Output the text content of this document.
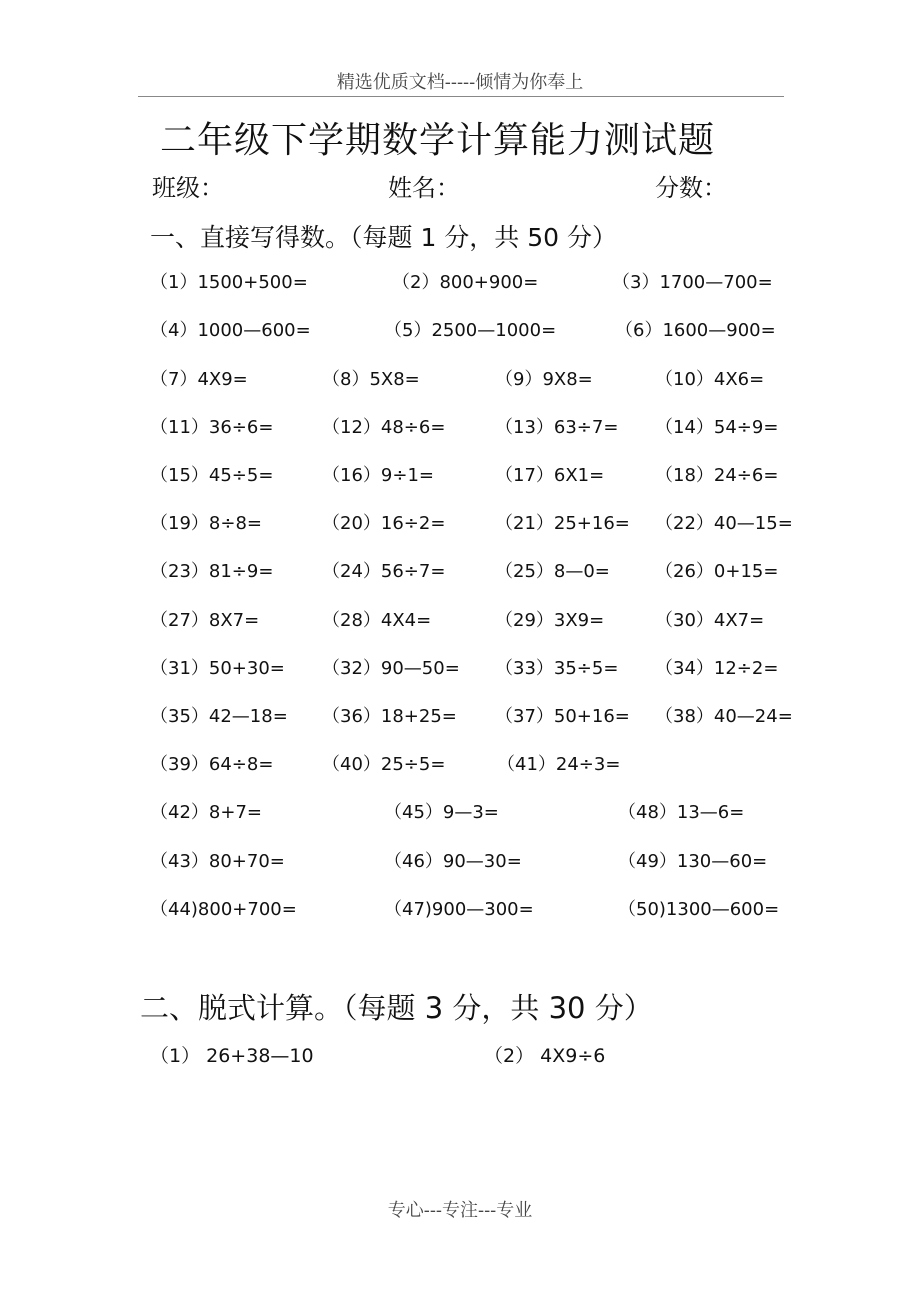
精选优质文档-----倾情为你奉上
二年级下学期数学计算能力测试题
班级：	姓名：	分数：
一、直接写得数。（每题 1 分，共 50 分）
（1）1500+500=	（2）800+900=	（3）1700—700=
（4）1000—600=	（5）2500—1000=	（6）1600—900=
（7）4X9=	（8）5X8=	（9）9X8=	（10）4X6=
（11）36÷6=	（12）48÷6=	（13）63÷7= （14）54÷9=
（15）45÷5=	（16）9÷1=	（17）6X1=	（18）24÷6=
（19）8÷8=	（20）16÷2=	（21）25+16= （22）40—15=
（23）81÷9=	（24）56÷7=	（25）8—0=	（26）0+15=
（27）8X7=	（28）4X4=	（29）3X9=	（30）4X7=
（31）50+30= （32）90—50= （33）35÷5= （34）12÷2=
（35）42—18= （36）18+25= （37）50+16= （38）40—24=
（39）64÷8=	（40）25÷5=	（41）24÷3=
（42）8+7=	（45）9—3=	（48）13—6=
（43）80+70=	（46）90—30=	（49）130—60=
（44)800+700=	（47)900—300=	（50)1300—600=
二、脱式计算。（每题 3 分，共 30 分）
（1） 26+38—10	（2） 4X9÷6
专心---专注---专业
